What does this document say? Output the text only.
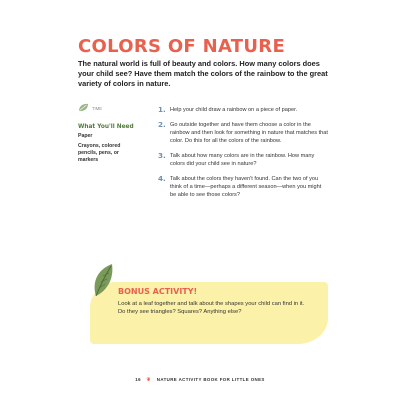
COLORS OF NATURE

The natural world is full of beauty and colors. How many colors does your child see? Have them match the colors of the rainbow to the great variety of colors in nature.

TIME
What You'll Need
Paper
Crayons, colored pencils, pens, or markers
1. Help your child draw a rainbow on a piece of paper.
2. Go outside together and have them choose a color in the rainbow and then look for something in nature that matches that color. Do this for all the colors of the rainbow.
3. Talk about how many colors are in the rainbow. How many colors did your child see in nature?
4. Talk about the colors they haven't found. Can the two of you think of a time—perhaps a different season—when you might be able to see those colors?
BONUS ACTIVITY!

Look at a leaf together and talk about the shapes your child can find in it. Do they see triangles? Squares? Anything else?

16 ❦ NATURE ACTIVITY BOOK FOR LITTLE ONES
